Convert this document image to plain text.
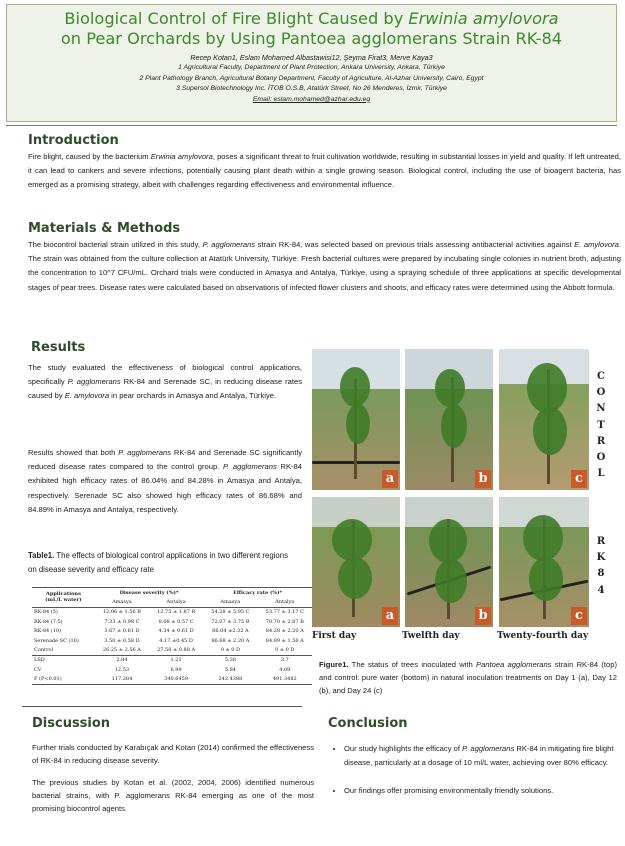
Biological Control of Fire Blight Caused by Erwinia amylovora
on Pear Orchards by Using Pantoea agglomerans Strain RK-84
Recep Kotan1, Eslam Mohamed Albastawisi12, Şeyma Firat3, Merve Kaya3
1 Agricultural Faculty, Department of Plant Protection, Ankara University, Ankara, Türkiye
2 Plant Pathology Branch, Agricultural Botany Department, Faculty of Agriculture, Al-Azhar University, Cairo, Egypt
3 Supersol Biotechnology Inc. İTOB O.S.B, Atatürk Street, No 26 Menderes, İzmir, Türkiye
Email: eslam.mohamed@azhar.edu.eg
Introduction
Fire blight, caused by the bacterium Erwinia amylovora, poses a significant threat to fruit cultivation worldwide, resulting in substantial losses in yield and quality. If left untreated, it can lead to cankers and severe infections, potentially causing plant death within a single growing season. Biological control, including the use of bioagent bacteria, has emerged as a promising strategy, albeit with challenges regarding effectiveness and environmental influence.
Materials & Methods
The biocontrol bacterial strain utilized in this study, P. agglomerans strain RK-84, was selected based on previous trials assessing antibacterial activities against E. amylovora. The strain was obtained from the culture collection at Atatürk University, Türkiye. Fresh bacterial cultures were prepared by incubating single colonies in nutrient broth, adjusting the concentration to 10^7 CFU/mL. Orchard trials were conducted in Amasya and Antalya, Türkiye, using a spraying schedule of three applications at specific developmental stages of pear trees. Disease rates were calculated based on observations of infected flower clusters and shoots, and efficacy rates were determined using the Abbott formula.
Results
The study evaluated the effectiveness of biological control applications, specifically P. agglomerans RK-84 and Serenade SC, in reducing disease rates caused by E. amylovora in pear orchards in Amasya and Antalya, Türkiye.
Results showed that both P. agglomerans RK-84 and Serenade SC significantly reduced disease rates compared to the control group. P. agglomerans RK-84 exhibited high efficacy rates of 86.04% and 84.28% in Amasya and Antalya, respectively. Serenade SC also showed high efficacy rates of 86.68% and 84.89% in Amasya and Antalya, respectively.
Table1. The effects of biological control applications in two different regions on disease severity and efficacy rate
Applications
(mL/L water)	Disease severity (%)*		Efficacy rate (%)*	
	Amasya	Antalya	Amasya	Antalya
RK-84 (5)	12.06 ± 1.56 B	12.75 ± 1.87 B	54.28 ± 5.95 C	53.77 ± 3.17 C
RK-84 (7.5)	7.33 ± 0.98 C	8.08 ± 0.57 C	72.07 ± 3.75 B	70.70 ± 2.87 B
RK-84 (10)	3.67 ± 0.61 D	4.34 ± 0.61 D	86.04 ±2.32 A	84.28 ± 2.20 A
Serenade SC (10)	3.50 ± 0.58 D	4.17 ±0.45 D	86.68 ± 2.20 A	84.89 ± 1.56 A
Control	26.25 ± 2.56 A	27.58 ± 0.88 A	0 ± 0 D	0 ± 0 D
LSD	2.84	1.21	5.38	3.7
CV	12.53	6.99	5.84	4.09
F (P<0.01)	117.284	340.6459	242.4388	491.3482
a	b	c
a	b	c
C
O
N
T
R
O
L
R
K
8
4
First day	Twelfth day	Twenty-fourth day
Figure1. The status of trees inoculated with Pantoea agglomerans strain RK-84 (top) and control: pure water (bottom) in natural inoculation treatments on Day 1 (a), Day 12 (b), and Day 24 (c)
Discussion
Further trials conducted by Karabıçak and Kotan (2014) confirmed the effectiveness of RK-84 in reducing disease severity.
The previous studies by Kotan et al. (2002, 2004, 2006) identified numerous bacterial strains, with P. agglomerans RK-84 emerging as one of the most promising biocontrol agents.
Conclusion
• Our study highlights the efficacy of P. agglomerans RK-84 in mitigating fire blight disease, particularly at a dosage of 10 ml/L water, achieving over 80% efficacy.
• Our findings offer promising environmentally friendly solutions.
